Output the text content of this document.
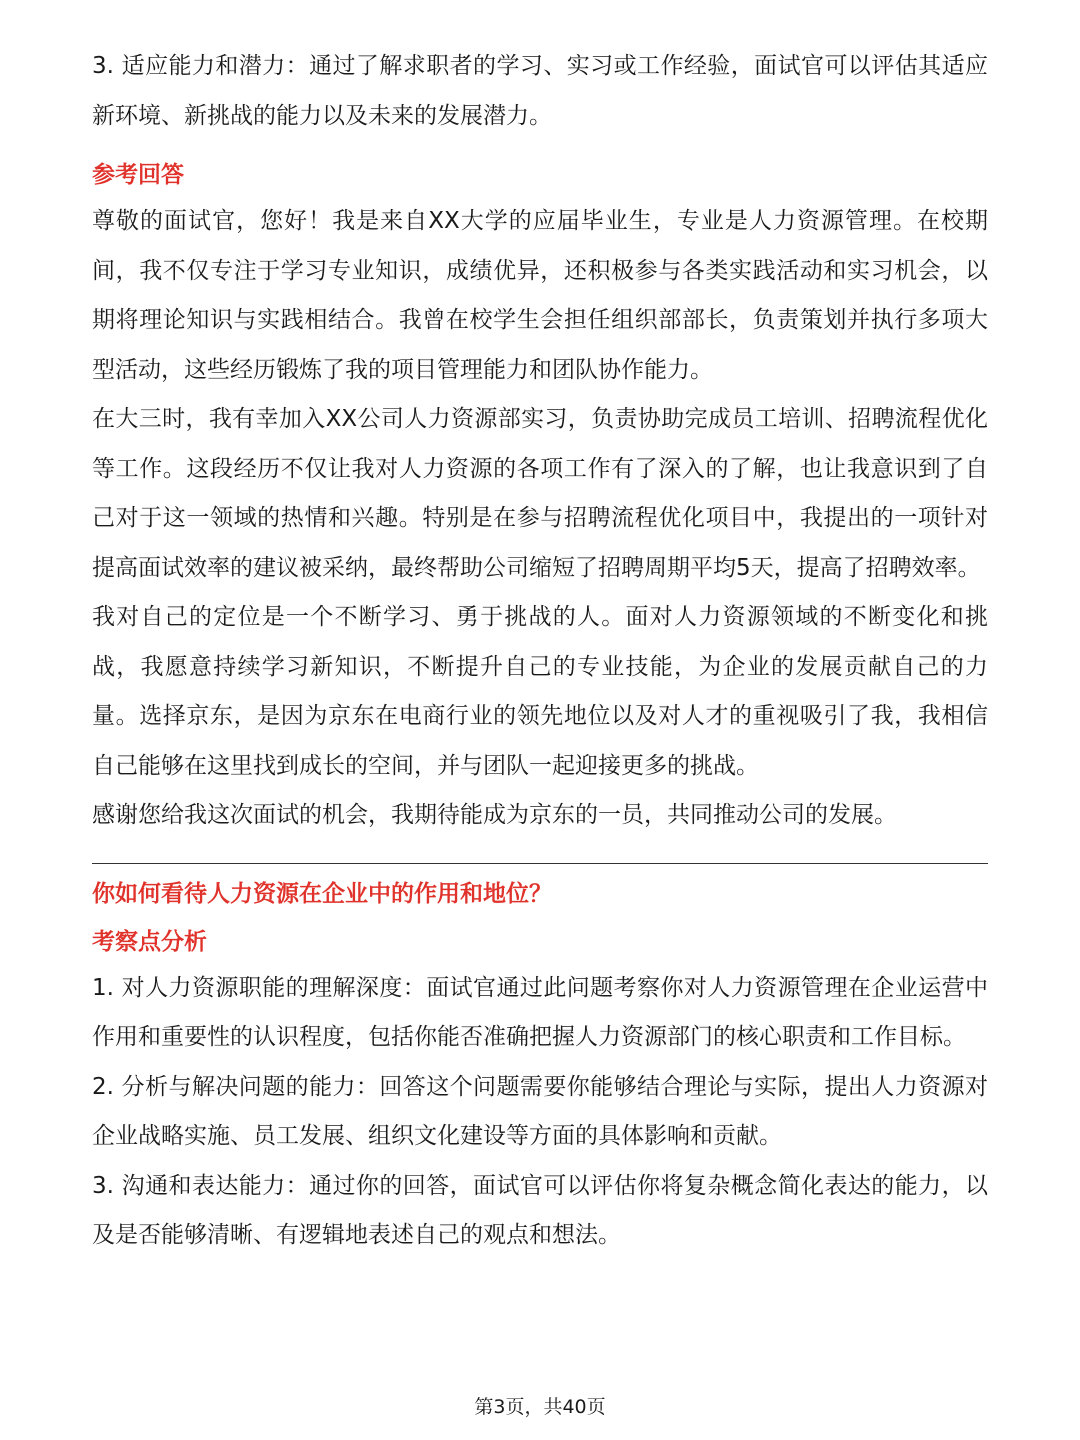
3. 适应能力和潜力：通过了解求职者的学习、实习或工作经验，面试官可以评估其适应新环境、新挑战的能力以及未来的发展潜力。

参考回答

尊敬的面试官，您好！我是来自XX大学的应届毕业生，专业是人力资源管理。在校期间，我不仅专注于学习专业知识，成绩优异，还积极参与各类实践活动和实习机会，以期将理论知识与实践相结合。我曾在校学生会担任组织部部长，负责策划并执行多项大型活动，这些经历锻炼了我的项目管理能力和团队协作能力。

在大三时，我有幸加入XX公司人力资源部实习，负责协助完成员工培训、招聘流程优化等工作。这段经历不仅让我对人力资源的各项工作有了深入的了解，也让我意识到了自己对于这一领域的热情和兴趣。特别是在参与招聘流程优化项目中，我提出的一项针对提高面试效率的建议被采纳，最终帮助公司缩短了招聘周期平均5天，提高了招聘效率。

我对自己的定位是一个不断学习、勇于挑战的人。面对人力资源领域的不断变化和挑战，我愿意持续学习新知识，不断提升自己的专业技能，为企业的发展贡献自己的力量。选择京东，是因为京东在电商行业的领先地位以及对人才的重视吸引了我，我相信自己能够在这里找到成长的空间，并与团队一起迎接更多的挑战。

感谢您给我这次面试的机会，我期待能成为京东的一员，共同推动公司的发展。

你如何看待人力资源在企业中的作用和地位？

考察点分析

1. 对人力资源职能的理解深度：面试官通过此问题考察你对人力资源管理在企业运营中作用和重要性的认识程度，包括你能否准确把握人力资源部门的核心职责和工作目标。

2. 分析与解决问题的能力：回答这个问题需要你能够结合理论与实际，提出人力资源对企业战略实施、员工发展、组织文化建设等方面的具体影响和贡献。

3. 沟通和表达能力：通过你的回答，面试官可以评估你将复杂概念简化表达的能力，以及是否能够清晰、有逻辑地表述自己的观点和想法。

第3页，共40页
